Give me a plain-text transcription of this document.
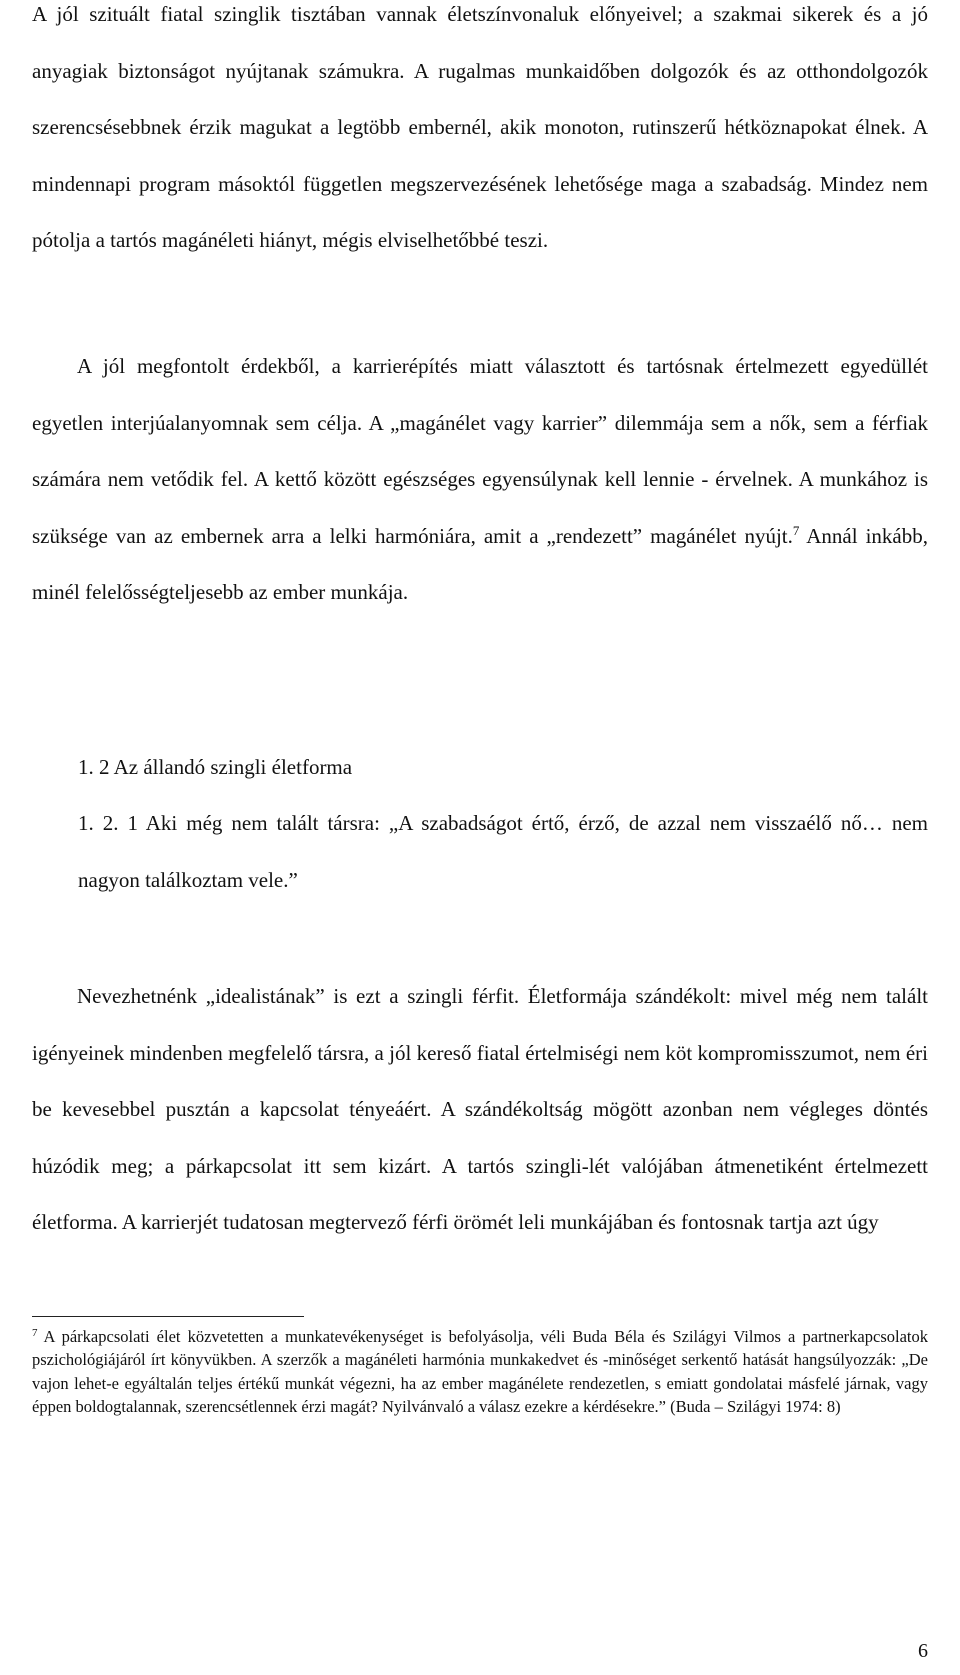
A jól szituált fiatal szinglik tisztában vannak életszínvonaluk előnyeivel; a szakmai sikerek és a jó anyagiak biztonságot nyújtanak számukra. A rugalmas munkaidőben dolgozók és az otthondolgozók szerencsésebbnek érzik magukat a legtöbb embernél, akik monoton, rutinszerű hétköznapokat élnek. A mindennapi program másoktól független megszervezésének lehetősége maga a szabadság. Mindez nem pótolja a tartós magánéleti hiányt, mégis elviselhetőbbé teszi.

A jól megfontolt érdekből, a karrierépítés miatt választott és tartósnak értelmezett egyedüllét egyetlen interjúalanyomnak sem célja. A „magánélet vagy karrier” dilemmája sem a nők, sem a férfiak számára nem vetődik fel. A kettő között egészséges egyensúlynak kell lennie - érvelnek. A munkához is szüksége van az embernek arra a lelki harmóniára, amit a „rendezett” magánélet nyújt.$^7$ Annál inkább, minél felelősségteljesebb az ember munkája.

1. 2 Az állandó szingli életforma

1. 2. 1 Aki még nem talált társra: „A szabadságot értő, érző, de azzal nem visszaélő nő… nem nagyon találkoztam vele.”

Nevezhetnénk „idealistának” is ezt a szingli férfit. Életformája szándékolt: mivel még nem talált igényeinek mindenben megfelelő társra, a jól kereső fiatal értelmiségi nem köt kompromisszumot, nem éri be kevesebbel pusztán a kapcsolat tényeáért. A szándékoltság mögött azonban nem végleges döntés húzódik meg; a párkapcsolat itt sem kizárt. A tartós szingli-lét valójában átmenetiként értelmezett életforma. A karrierjét tudatosan megtervező férfi örömét leli munkájában és fontosnak tartja azt úgy

$^7$ A párkapcsolati élet közvetetten a munkatevékenységet is befolyásolja, véli Buda Béla és Szilágyi Vilmos a partnerkapcsolatok pszichológiájáról írt könyvükben. A szerzők a magánéleti harmónia munkakedvet és -minőséget serkentő hatását hangsúlyozzák: „De vajon lehet-e egyáltalán teljes értékű munkát végezni, ha az ember magánélete rendezetlen, s emiatt gondolatai másfelé járnak, vagy éppen boldogtalannak, szerencsétlennek érzi magát? Nyilvánvaló a válasz ezekre a kérdésekre.” (Buda – Szilágyi 1974: 8)

6
